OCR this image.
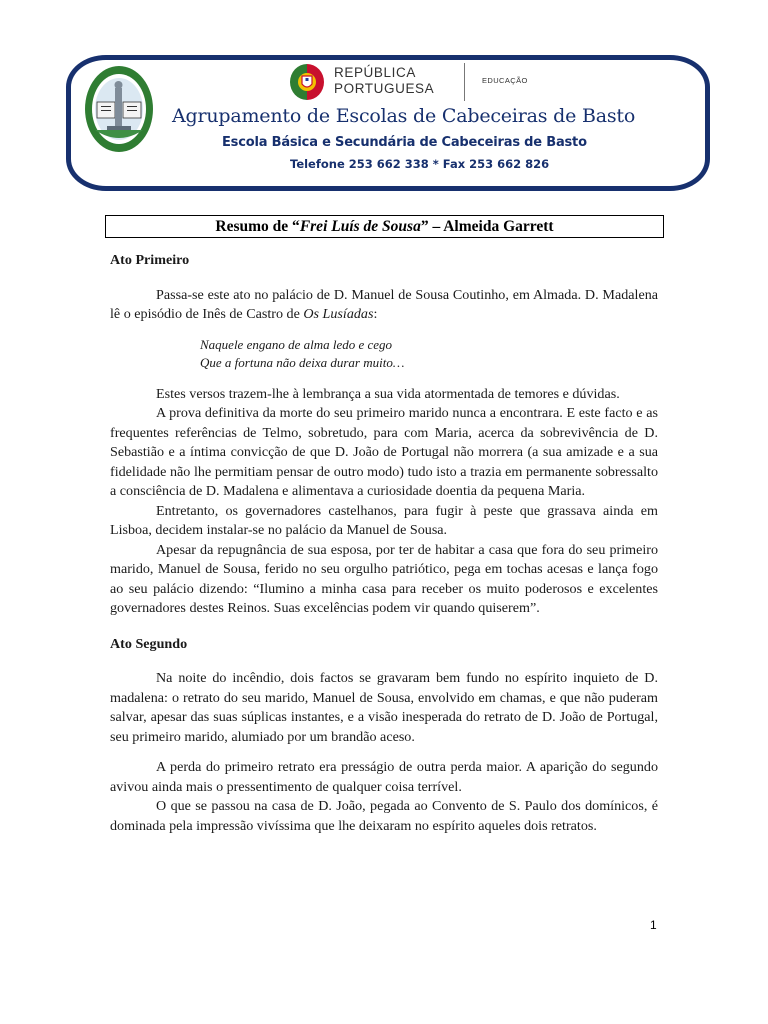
REPÚBLICA
PORTUGUESA
EDUCAÇÃO
Agrupamento de Escolas de Cabeceiras de Basto
Escola Básica e Secundária de Cabeceiras de Basto
Telefone 253 662 338 * Fax 253 662 826
Resumo de “Frei Luís de Sousa” – Almeida Garrett
Ato Primeiro

Passa-se este ato no palácio de D. Manuel de Sousa Coutinho, em Almada. D. Madalena lê o episódio de Inês de Castro de Os Lusíadas:

Naquele engano de alma ledo e cego
Que a fortuna não deixa durar muito…

Estes versos trazem-lhe à lembrança a sua vida atormentada de temores e dúvidas.

A prova definitiva da morte do seu primeiro marido nunca a encontrara. E este facto e as frequentes referências de Telmo, sobretudo, para com Maria, acerca da sobrevivência de D. Sebastião e a íntima convicção de que D. João de Portugal não morrera (a sua amizade e a sua fidelidade não lhe permitiam pensar de outro modo) tudo isto a trazia em permanente sobressalto a consciência de D. Madalena e alimentava a curiosidade doentia da pequena Maria.

Entretanto, os governadores castelhanos, para fugir à peste que grassava ainda em Lisboa, decidem instalar-se no palácio da Manuel de Sousa.

Apesar da repugnância de sua esposa, por ter de habitar a casa que fora do seu primeiro marido, Manuel de Sousa, ferido no seu orgulho patriótico, pega em tochas acesas e lança fogo ao seu palácio dizendo: “Ilumino a minha casa para receber os muito poderosos e excelentes governadores destes Reinos. Suas excelências podem vir quando quiserem”.

Ato Segundo

Na noite do incêndio, dois factos se gravaram bem fundo no espírito inquieto de D. madalena: o retrato do seu marido, Manuel de Sousa, envolvido em chamas, e que não puderam salvar, apesar das suas súplicas instantes, e a visão inesperada do retrato de D. João de Portugal, seu primeiro marido, alumiado por um brandão aceso.

A perda do primeiro retrato era presságio de outra perda maior. A aparição do segundo avivou ainda mais o pressentimento de qualquer coisa terrível.

O que se passou na casa de D. João, pegada ao Convento de S. Paulo dos domínicos, é dominada pela impressão vivíssima que lhe deixaram no espírito aqueles dois retratos.

1
